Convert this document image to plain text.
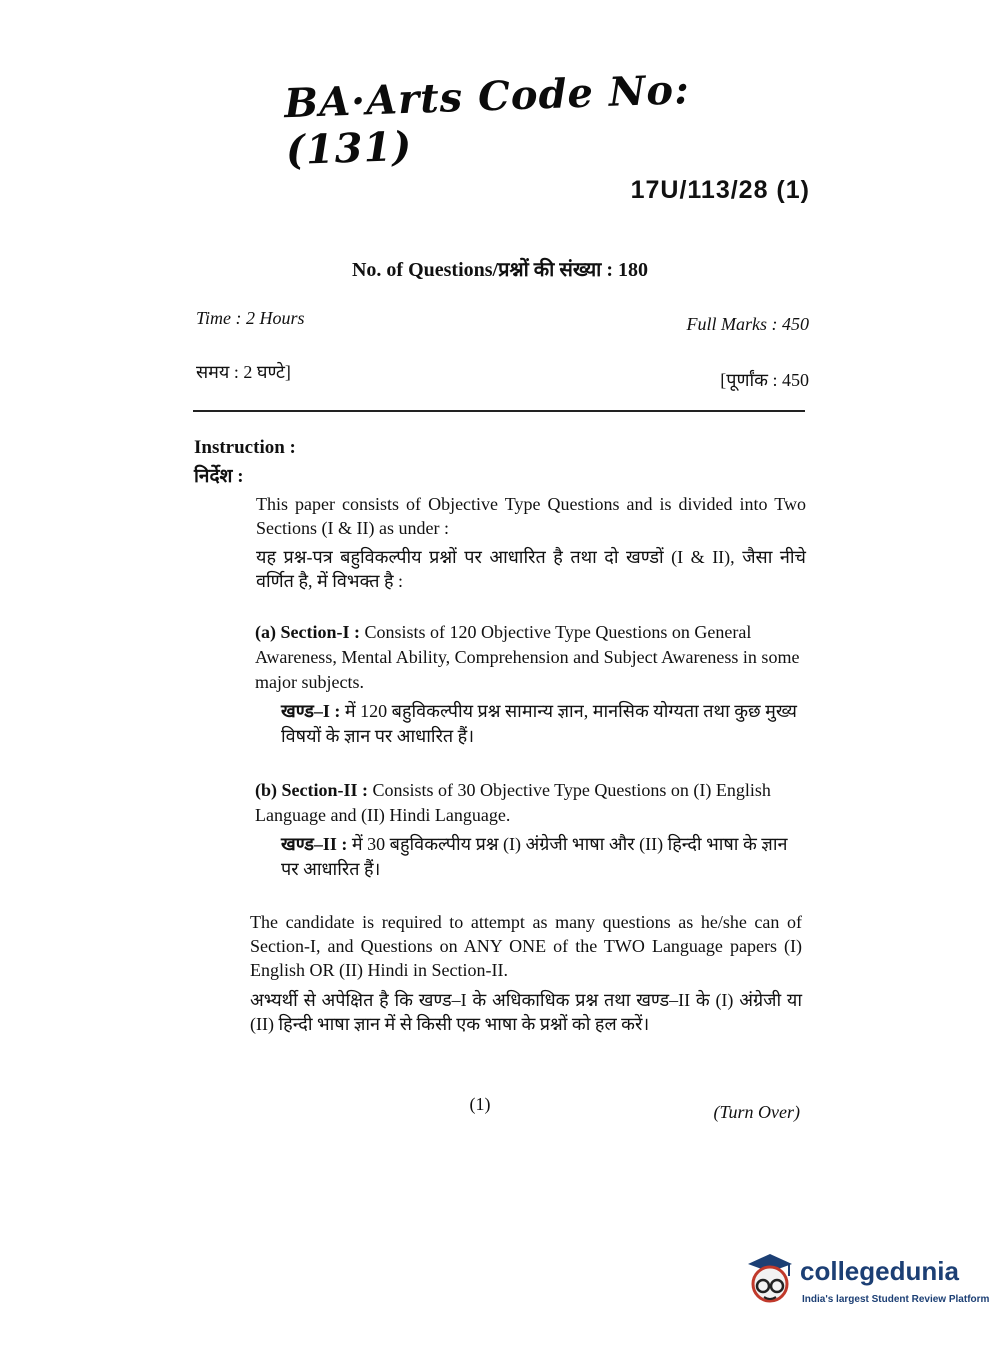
BA·Arts Code No: (131)
17U/113/28 (1)
No. of Questions/प्रश्नों की संख्या : 180
Time : 2 Hours	Full Marks : 450
समय : 2 घण्टे]	[पूर्णांक : 450
Instruction :
निर्देश :
This paper consists of Objective Type Questions and is divided into Two Sections (I & II) as under :
यह प्रश्न-पत्र बहुविकल्पीय प्रश्नों पर आधारित है तथा दो खण्डों (I & II), जैसा नीचे वर्णित है, में विभक्त है :
(a) Section-I : Consists of 120 Objective Type Questions on General Awareness, Mental Ability, Comprehension and Subject Awareness in some major subjects.
खण्ड–I : में 120 बहुविकल्पीय प्रश्न सामान्य ज्ञान, मानसिक योग्यता तथा कुछ मुख्य विषयों के ज्ञान पर आधारित हैं।
(b) Section-II : Consists of 30 Objective Type Questions on (I) English Language and (II) Hindi Language.
खण्ड–II : में 30 बहुविकल्पीय प्रश्न (I) अंग्रेजी भाषा और (II) हिन्दी भाषा के ज्ञान पर आधारित हैं।
The candidate is required to attempt as many questions as he/she can of Section-I, and Questions on ANY ONE of the TWO Language papers (I) English OR (II) Hindi in Section-II.
अभ्यर्थी से अपेक्षित है कि खण्ड–I के अधिकाधिक प्रश्न तथा खण्ड–II के (I) अंग्रेजी या (II) हिन्दी भाषा ज्ञान में से किसी एक भाषा के प्रश्नों को हल करें।
(1)	(Turn Over)
collegedunia
India's largest Student Review Platform
